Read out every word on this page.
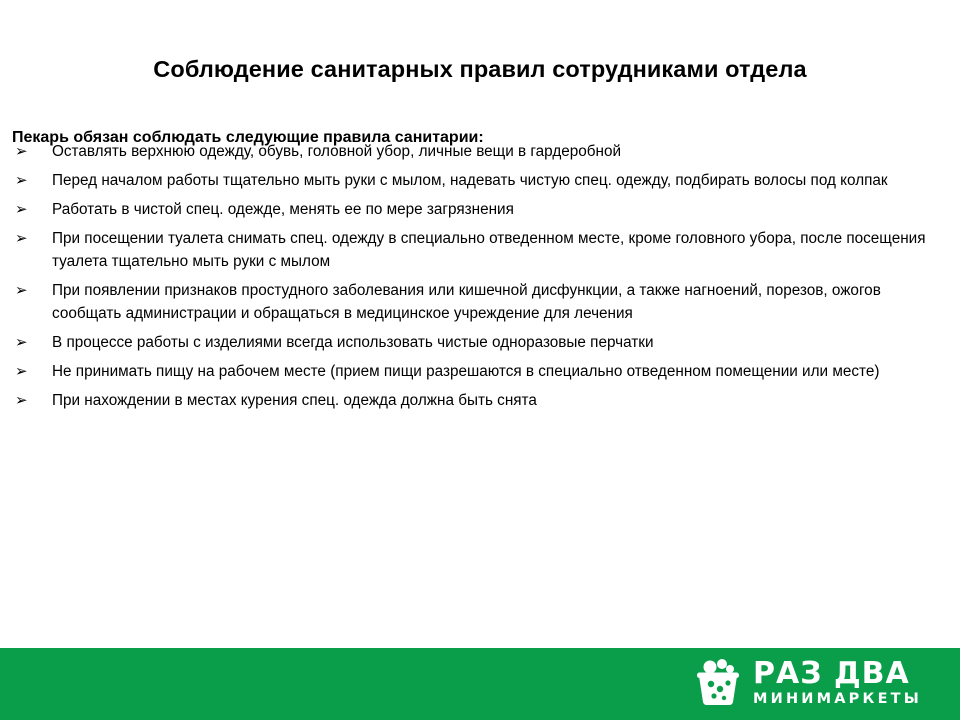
Соблюдение санитарных правил сотрудниками отдела

Пекарь обязан соблюдать следующие правила санитарии:

➢	Оставлять верхнюю одежду, обувь, головной убор, личные вещи в гардеробной
➢	Перед началом работы тщательно мыть руки с мылом, надевать чистую спец. одежду, подбирать волосы под колпак
➢	Работать в чистой спец. одежде, менять ее по мере загрязнения
➢	При посещении туалета снимать спец. одежду в специально отведенном месте, кроме головного убора, после посещения туалета тщательно мыть руки с мылом
➢	При появлении признаков простудного заболевания или кишечной дисфункции, а также нагноений, порезов, ожогов сообщать администрации и обращаться в медицинское учреждение для лечения
➢	В процессе работы с изделиями всегда использовать чистые одноразовые перчатки
➢	Не принимать пищу на рабочем месте (прием пищи разрешаются в специально отведенном помещении или месте)
➢	При нахождении в местах курения спец. одежда должна быть снята
РАЗ ДВА
МИНИМАРКЕТЫ
